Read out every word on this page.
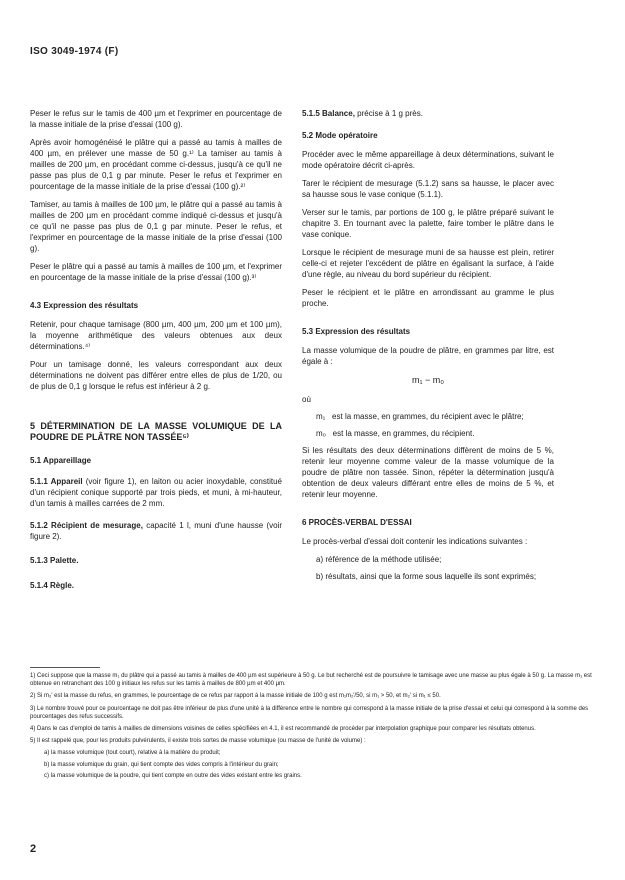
ISO 3049-1974 (F)

Peser le refus sur le tamis de 400 µm et l'exprimer en pourcentage de la masse initiale de la prise d'essai (100 g).

Après avoir homogénéisé le plâtre qui a passé au tamis à mailles de 400 µm, en prélever une masse de 50 g.¹⁾ La tamiser au tamis à mailles de 200 µm, en procédant comme ci-dessus, jusqu'à ce qu'il ne passe pas plus de 0,1 g par minute. Peser le refus et l'exprimer en pourcentage de la masse initiale de la prise d'essai (100 g).²⁾

Tamiser, au tamis à mailles de 100 µm, le plâtre qui a passé au tamis à mailles de 200 µm en procédant comme indiqué ci-dessus et jusqu'à ce qu'il ne passe pas plus de 0,1 g par minute. Peser le refus, et l'exprimer en pourcentage de la masse initiale de la prise d'essai (100 g).

Peser le plâtre qui a passé au tamis à mailles de 100 µm, et l'exprimer en pourcentage de la masse initiale de la prise d'essai (100 g).³⁾

4.3 Expression des résultats

Retenir, pour chaque tamisage (800 µm, 400 µm, 200 µm et 100 µm), la moyenne arithmétique des valeurs obtenues aux deux déterminations.⁴⁾

Pour un tamisage donné, les valeurs correspondant aux deux déterminations ne doivent pas différer entre elles de plus de 1/20, ou de plus de 0,1 g lorsque le refus est inférieur à 2 g.

5 DÉTERMINATION DE LA MASSE VOLUMIQUE DE LA POUDRE DE PLÂTRE NON TASSÉE⁵⁾

5.1 Appareillage

5.1.1 Appareil (voir figure 1), en laiton ou acier inoxydable, constitué d'un récipient conique supporté par trois pieds, et muni, à mi-hauteur, d'un tamis à mailles carrées de 2 mm.

5.1.2 Récipient de mesurage, capacité 1 l, muni d'une hausse (voir figure 2).

5.1.3 Palette.

5.1.4 Règle.

5.1.5 Balance, précise à 1 g près.

5.2 Mode opératoire

Procéder avec le même appareillage à deux déterminations, suivant le mode opératoire décrit ci-après.

Tarer le récipient de mesurage (5.1.2) sans sa hausse, le placer avec sa hausse sous le vase conique (5.1.1).

Verser sur le tamis, par portions de 100 g, le plâtre préparé suivant le chapitre 3. En tournant avec la palette, faire tomber le plâtre dans le vase conique.

Lorsque le récipient de mesurage muni de sa hausse est plein, retirer celle-ci et rejeter l'excédent de plâtre en égalisant la surface, à l'aide d'une règle, au niveau du bord supérieur du récipient.

Peser le récipient et le plâtre en arrondissant au gramme le plus proche.

5.3 Expression des résultats

La masse volumique de la poudre de plâtre, en grammes par litre, est égale à :

m₁ − m₀

où

m₁ est la masse, en grammes, du récipient avec le plâtre;

m₀ est la masse, en grammes, du récipient.

Si les résultats des deux déterminations diffèrent de moins de 5 %, retenir leur moyenne comme valeur de la masse volumique de la poudre de plâtre non tassée. Sinon, répéter la détermination jusqu'à obtention de deux valeurs différant entre elles de moins de 5 %, et retenir leur moyenne.

6 PROCÈS-VERBAL D'ESSAI

Le procès-verbal d'essai doit contenir les indications suivantes :

a) référence de la méthode utilisée;

b) résultats, ainsi que la forme sous laquelle ils sont exprimés;

1) Ceci suppose que la masse m₁ du plâtre qui a passé au tamis à mailles de 400 µm est supérieure à 50 g. Le but recherché est de poursuivre le tamisage avec une masse au plus égale à 50 g. La masse m₁ est obtenue en retranchant des 100 g initiaux les refus sur les tamis à mailles de 800 µm et 400 µm.

2) Si m₂′ est la masse du refus, en grammes, le pourcentage de ce refus par rapport à la masse initiale de 100 g est m₁m₂′/50, si m₁ > 50, et m₂′ si m₁ ≤ 50.

3) Le nombre trouvé pour ce pourcentage ne doit pas être inférieur de plus d'une unité à la différence entre le nombre qui correspond à la masse initiale de la prise d'essai et celui qui correspond à la somme des pourcentages des refus successifs.

4) Dans le cas d'emploi de tamis à mailles de dimensions voisines de celles spécifiées en 4.1, il est recommandé de procéder par interpolation graphique pour comparer les résultats obtenus.

5) Il est rappelé que, pour les produits pulvérulents, il existe trois sortes de masse volumique (ou masse de l'unité de volume) :

a) la masse volumique (tout court), relative à la matière du produit;

b) la masse volumique du grain, qui tient compte des vides compris à l'intérieur du grain;

c) la masse volumique de la poudre, qui tient compte en outre des vides existant entre les grains.

2
